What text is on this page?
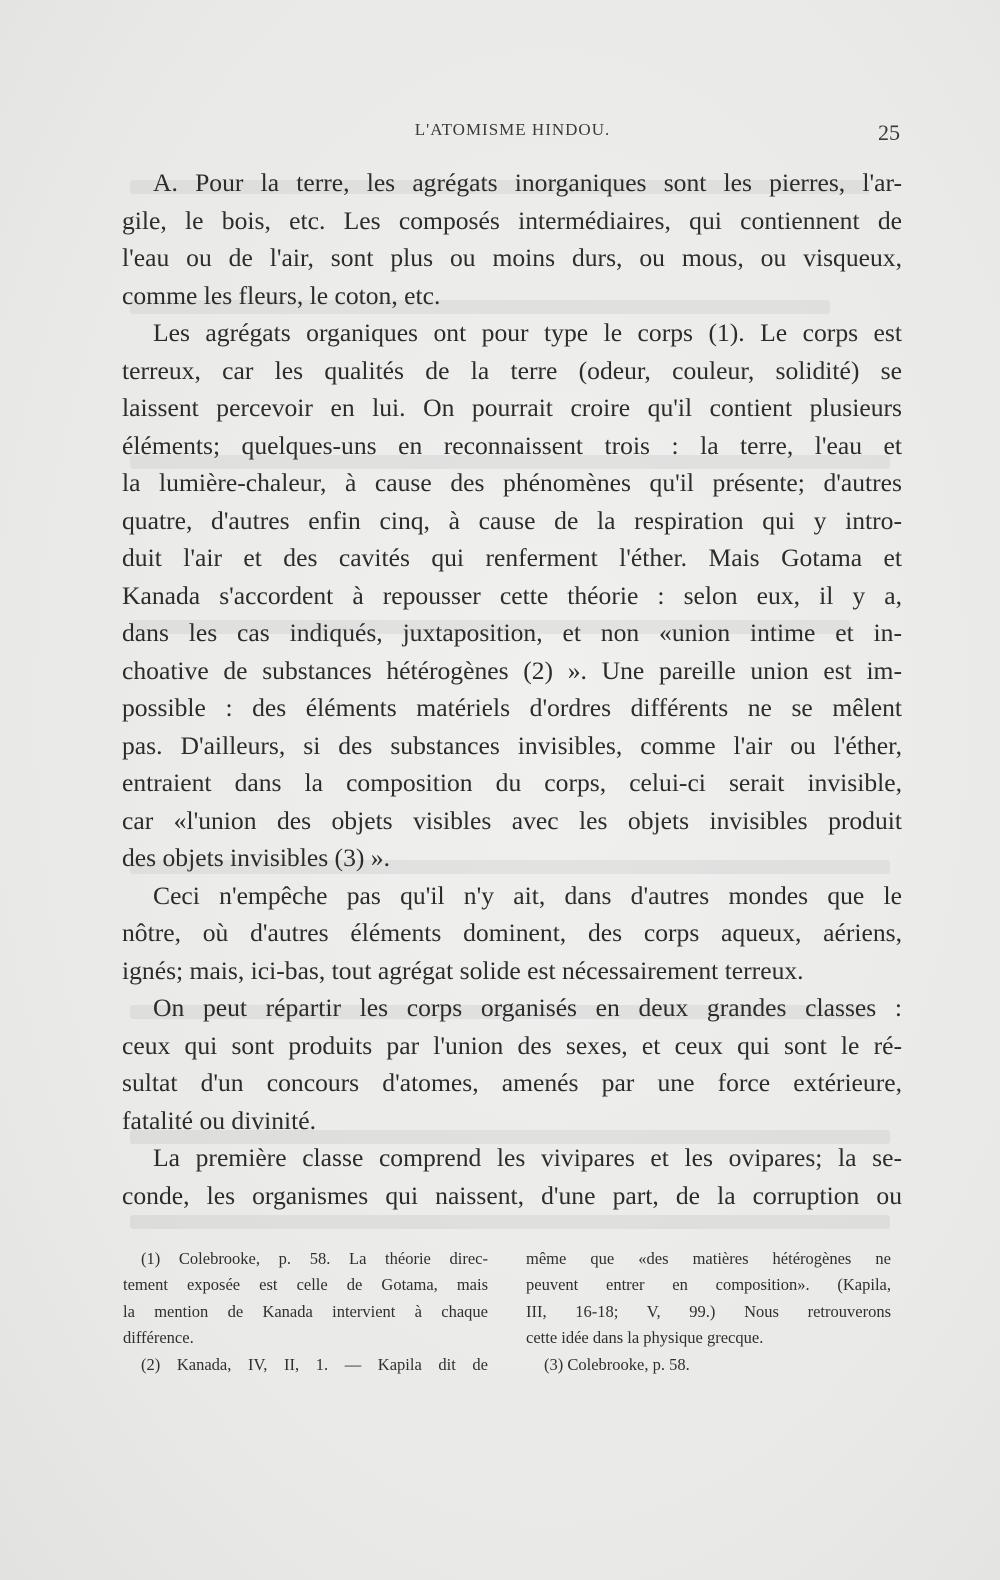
L'ATOMISME HINDOU.	25
A. Pour la terre, les agrégats inorganiques sont les pierres, l'ar-
gile, le bois, etc. Les composés intermédiaires, qui contiennent de
l'eau ou de l'air, sont plus ou moins durs, ou mous, ou visqueux,
comme les fleurs, le coton, etc.
Les agrégats organiques ont pour type le corps (1). Le corps est
terreux, car les qualités de la terre (odeur, couleur, solidité) se
laissent percevoir en lui. On pourrait croire qu'il contient plusieurs
éléments; quelques-uns en reconnaissent trois : la terre, l'eau et
la lumière-chaleur, à cause des phénomènes qu'il présente; d'autres
quatre, d'autres enfin cinq, à cause de la respiration qui y intro-
duit l'air et des cavités qui renferment l'éther. Mais Gotama et
Kanada s'accordent à repousser cette théorie : selon eux, il y a,
dans les cas indiqués, juxtaposition, et non «union intime et in-
choative de substances hétérogènes (2) ». Une pareille union est im-
possible : des éléments matériels d'ordres différents ne se mêlent
pas. D'ailleurs, si des substances invisibles, comme l'air ou l'éther,
entraient dans la composition du corps, celui-ci serait invisible,
car «l'union des objets visibles avec les objets invisibles produit
des objets invisibles (3) ».
Ceci n'empêche pas qu'il n'y ait, dans d'autres mondes que le
nôtre, où d'autres éléments dominent, des corps aqueux, aériens,
ignés; mais, ici-bas, tout agrégat solide est nécessairement terreux.
On peut répartir les corps organisés en deux grandes classes :
ceux qui sont produits par l'union des sexes, et ceux qui sont le ré-
sultat d'un concours d'atomes, amenés par une force extérieure,
fatalité ou divinité.
La première classe comprend les vivipares et les ovipares; la se-
conde, les organismes qui naissent, d'une part, de la corruption ou
(1) Colebrooke, p. 58. La théorie direc-
tement exposée est celle de Gotama, mais
la mention de Kanada intervient à chaque
différence.
(2) Kanada, IV, II, 1. — Kapila dit de
même que «des matières hétérogènes ne
peuvent entrer en composition». (Kapila,
III, 16-18; V, 99.) Nous retrouverons
cette idée dans la physique grecque.
(3) Colebrooke, p. 58.
